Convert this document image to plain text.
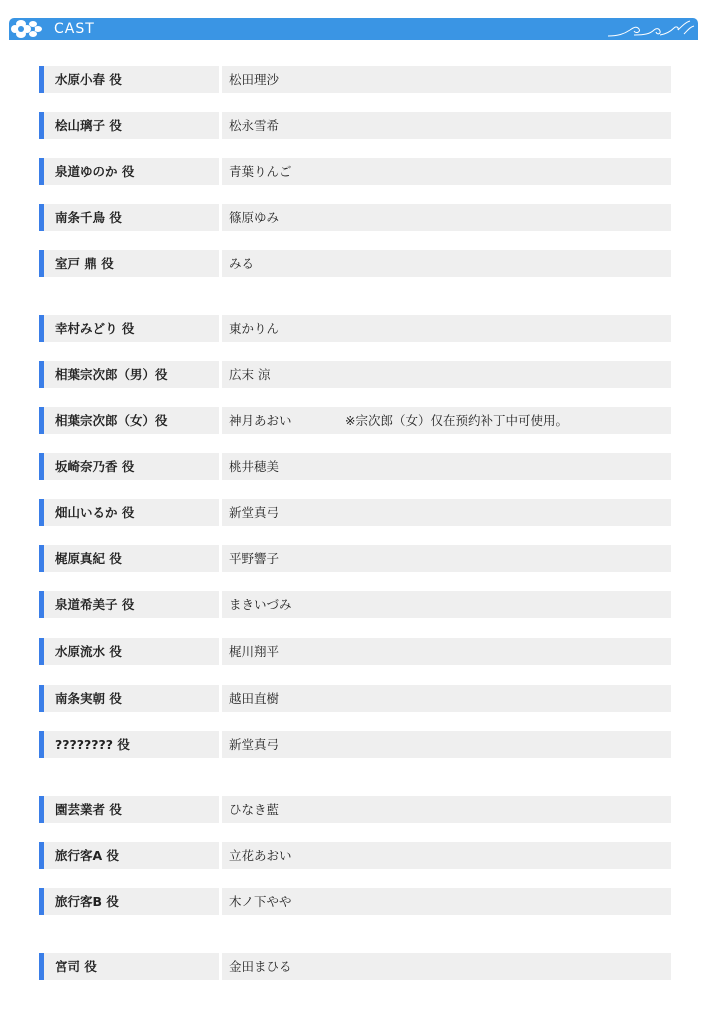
CAST
水原小春 役	松田理沙
桧山璃子 役	松永雪希
泉道ゆのか 役	青葉りんご
南条千鳥 役	篠原ゆみ
室戸 鼎 役	みる
幸村みどり 役	東かりん
相葉宗次郎（男）役	広末 涼
相葉宗次郎（女）役	神月あおい	※宗次郎（女）仅在预约补丁中可使用。
坂崎奈乃香 役	桃井穂美
畑山いるか 役	新堂真弓
梶原真紀 役	平野響子
泉道希美子 役	まきいづみ
水原流水 役	梶川翔平
南条実朝 役	越田直樹
???????? 役	新堂真弓
園芸業者 役	ひなき藍
旅行客A 役	立花あおい
旅行客B 役	木ノ下やや
宮司 役	金田まひる
